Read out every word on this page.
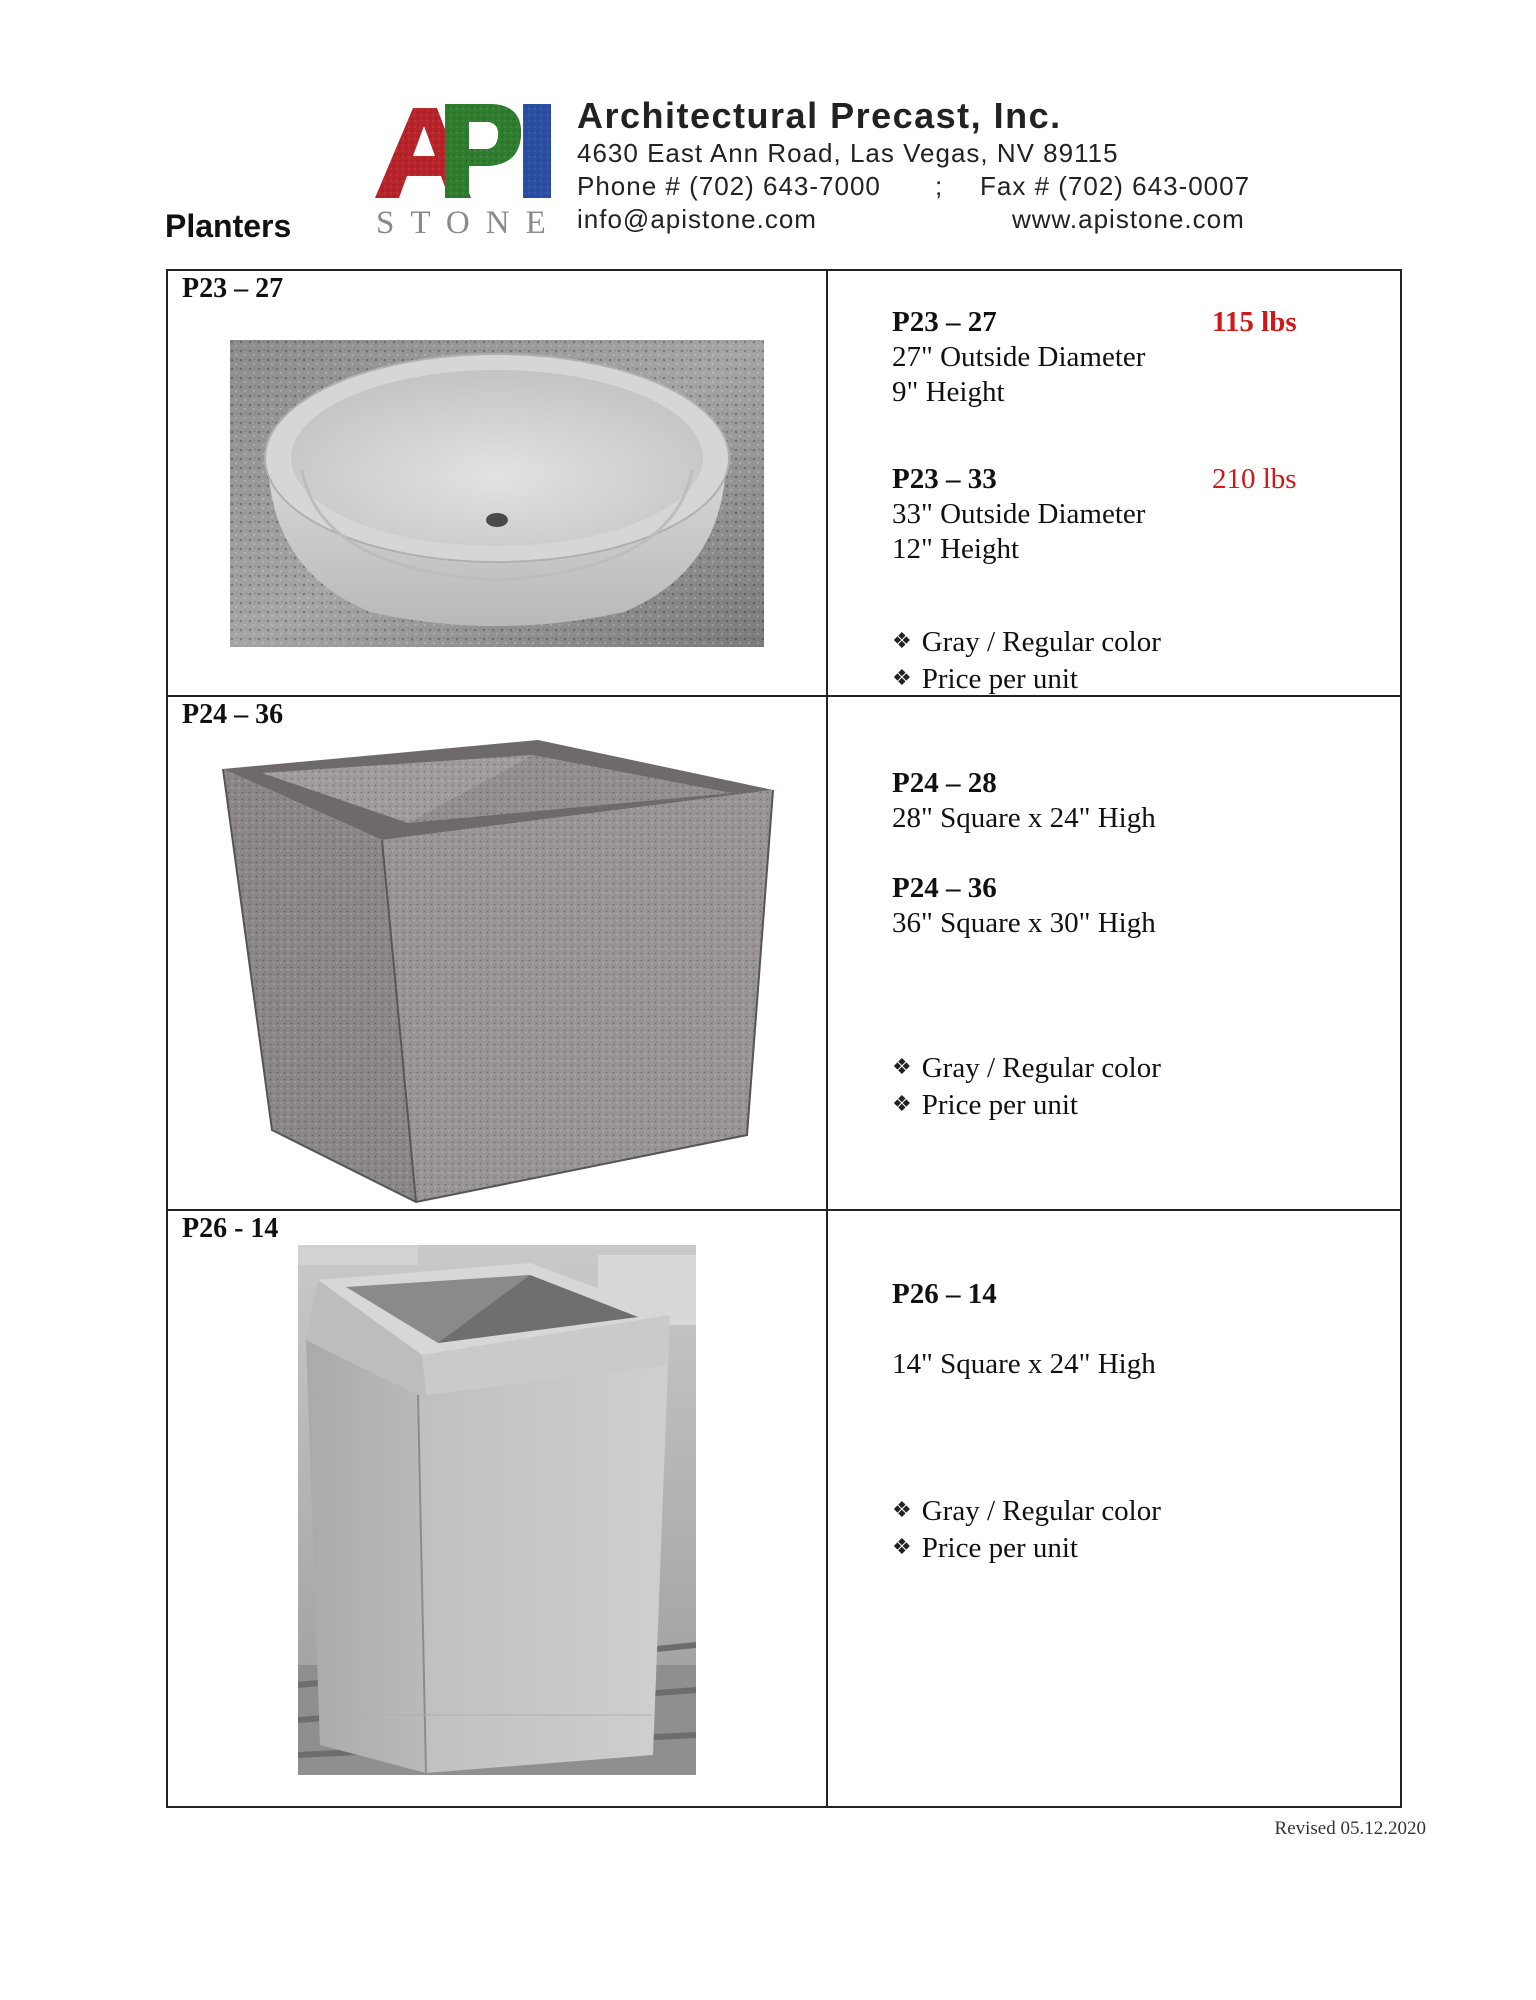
STONE
Architectural Precast, Inc.
4630 East Ann Road, Las Vegas, NV 89115
Phone # (702) 643-7000 ; Fax # (702) 643-0007
info@apistone.com	www.apistone.com
Planters
P23 – 27
P23 – 27
27" Outside Diameter
9" Height
115 lbs
P23 – 33
33" Outside Diameter
12" Height
210 lbs
❖ Gray / Regular color
❖ Price per unit
P24 – 36
P24 – 28
28" Square x 24" High
P24 – 36
36" Square x 30" High
❖ Gray / Regular color
❖ Price per unit
P26 - 14
P26 – 14
14" Square x 24" High
❖ Gray / Regular color
❖ Price per unit
Revised 05.12.2020
